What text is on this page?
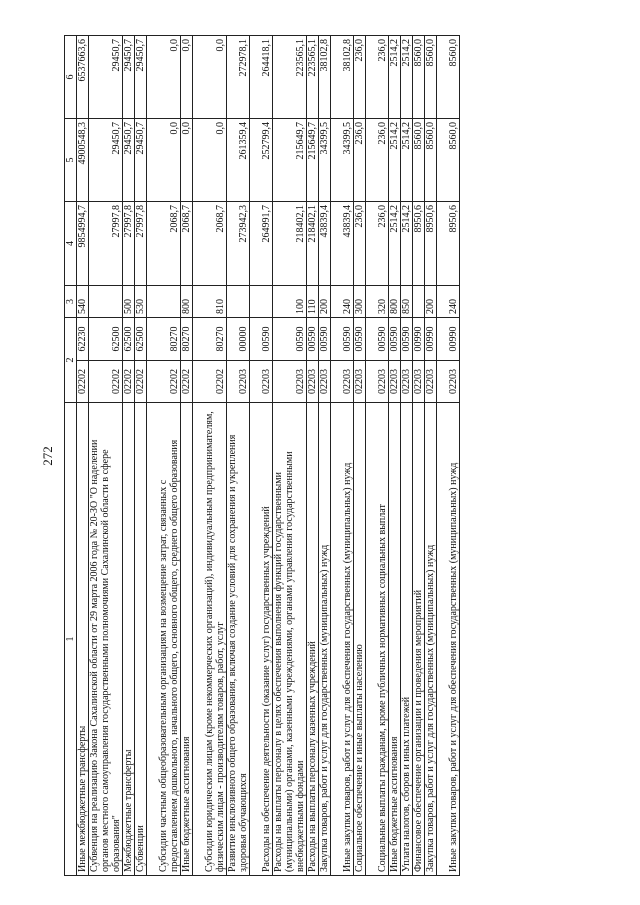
272
1	2		3	4	5	6
Иные межбюджетные трансферты	02202	62230	540	9854994,7	4900548,3	6537663,6
Субвенция на реализацию Закона Сахалинской области от 29 марта 2006 года № 20-ЗО "О наделении органов местного самоуправления государственными полномочиями Сахалинской области в сфере образования"	02202	62500		27997,8	29450,7	29450,7
Межбюджетные трансферты	02202	62500	500	27997,8	29450,7	29450,7
Субвенции	02202	62500	530	27997,8	29450,7	29450,7
Субсидии частным общеобразовательным организациям на возмещение затрат, связанных с предоставлением дошкольного, начального общего, основного общего, среднего общего образования	02202	80270		2068,7	0,0	0,0
Иные бюджетные ассигнования	02202	80270	800	2068,7	0,0	0,0
Субсидии юридическим лицам (кроме некоммерческих организаций), индивидуальным предпринимателям, физическим лицам - производителям товаров, работ, услуг	02202	80270	810	2068,7	0,0	0,0
Развитие инклюзивного общего образования, включая создание условий для сохранения и укрепления здоровья обучающихся	02203	00000		273942,3	261359,4	272978,1
Расходы на обеспечение деятельности (оказание услуг) государственных учреждений	02203	00590		264991,7	252799,4	264418,1
Расходы на выплаты персоналу в целях обеспечения выполнения функций государственными (муниципальными) органами, казенными учреждениями, органами управления государственными внебюджетными фондами	02203	00590	100	218402,1	215649,7	223565,1
Расходы на выплаты персоналу казенных учреждений	02203	00590	110	218402,1	215649,7	223565,1
Закупка товаров, работ и услуг для государственных (муниципальных) нужд	02203	00590	200	43839,4	34399,5	38102,8
Иные закупки товаров, работ и услуг для обеспечения государственных (муниципальных) нужд	02203	00590	240	43839,4	34399,5	38102,8
Социальное обеспечение и иные выплаты населению	02203	00590	300	236,0	236,0	236,0
Социальные выплаты гражданам, кроме публичных нормативных социальных выплат	02203	00590	320	236,0	236,0	236,0
Иные бюджетные ассигнования	02203	00590	800	2514,2	2514,2	2514,2
Уплата налогов, сборов и иных платежей	02203	00590	850	2514,2	2514,2	2514,2
Финансовое обеспечение организации и проведения мероприятий	02203	00990		8950,6	8560,0	8560,0
Закупка товаров, работ и услуг для государственных (муниципальных) нужд	02203	00990	200	8950,6	8560,0	8560,0
Иные закупки товаров, работ и услуг для обеспечения государственных (муниципальных) нужд	02203	00990	240	8950,6	8560,0	8560,0
